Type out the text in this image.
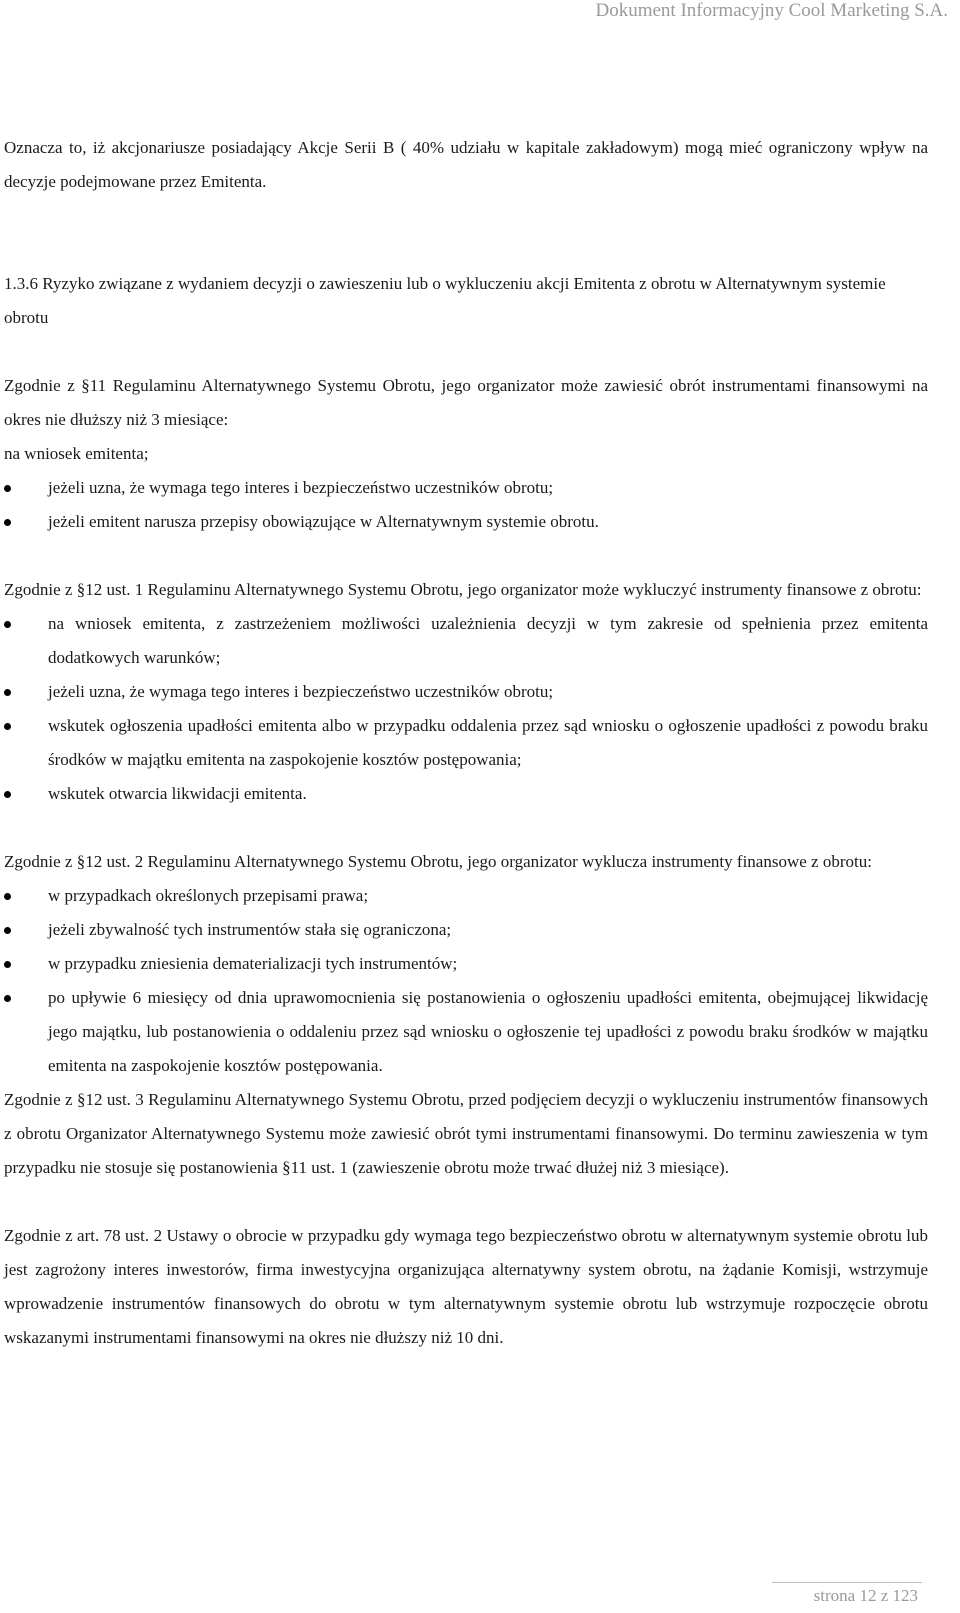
Dokument Informacyjny Cool Marketing S.A.

Oznacza to, iż akcjonariusze posiadający Akcje Serii B ( 40% udziału w kapitale zakładowym) mogą mieć ograniczony wpływ na decyzje podejmowane przez Emitenta.

1.3.6 Ryzyko związane z wydaniem decyzji o zawieszeniu lub o wykluczeniu akcji Emitenta z obrotu w Alternatywnym systemie obrotu

Zgodnie z §11 Regulaminu Alternatywnego Systemu Obrotu, jego organizator może zawiesić obrót instrumentami finansowymi na okres nie dłuższy niż 3 miesiące:

na wniosek emitenta;

jeżeli uzna, że wymaga tego interes i bezpieczeństwo uczestników obrotu;
jeżeli emitent narusza przepisy obowiązujące w Alternatywnym systemie obrotu.

Zgodnie z §12 ust. 1 Regulaminu Alternatywnego Systemu Obrotu, jego organizator może wykluczyć instrumenty finansowe z obrotu:

na wniosek emitenta, z zastrzeżeniem możliwości uzależnienia decyzji w tym zakresie od spełnienia przez emitenta dodatkowych warunków;
jeżeli uzna, że wymaga tego interes i bezpieczeństwo uczestników obrotu;
wskutek ogłoszenia upadłości emitenta albo w przypadku oddalenia przez sąd wniosku o ogłoszenie upadłości z powodu braku środków w majątku emitenta na zaspokojenie kosztów postępowania;
wskutek otwarcia likwidacji emitenta.

Zgodnie z §12 ust. 2 Regulaminu Alternatywnego Systemu Obrotu, jego organizator wyklucza instrumenty finansowe z obrotu:

w przypadkach określonych przepisami prawa;
jeżeli zbywalność tych instrumentów stała się ograniczona;
w przypadku zniesienia dematerializacji tych instrumentów;
po upływie 6 miesięcy od dnia uprawomocnienia się postanowienia o ogłoszeniu upadłości emitenta, obejmującej likwidację jego majątku, lub postanowienia o oddaleniu przez sąd wniosku o ogłoszenie tej upadłości z powodu braku środków w majątku emitenta na zaspokojenie kosztów postępowania.

Zgodnie z §12 ust. 3 Regulaminu Alternatywnego Systemu Obrotu, przed podjęciem decyzji o wykluczeniu instrumentów finansowych z obrotu Organizator Alternatywnego Systemu może zawiesić obrót tymi instrumentami finansowymi. Do terminu zawieszenia w tym przypadku nie stosuje się postanowienia §11 ust. 1 (zawieszenie obrotu może trwać dłużej niż 3 miesiące).

Zgodnie z art. 78 ust. 2 Ustawy o obrocie w przypadku gdy wymaga tego bezpieczeństwo obrotu w alternatywnym systemie obrotu lub jest zagrożony interes inwestorów, firma inwestycyjna organizująca alternatywny system obrotu, na żądanie Komisji, wstrzymuje wprowadzenie instrumentów finansowych do obrotu w tym alternatywnym systemie obrotu lub wstrzymuje rozpoczęcie obrotu wskazanymi instrumentami finansowymi na okres nie dłuższy niż 10 dni.

strona 12 z 123
